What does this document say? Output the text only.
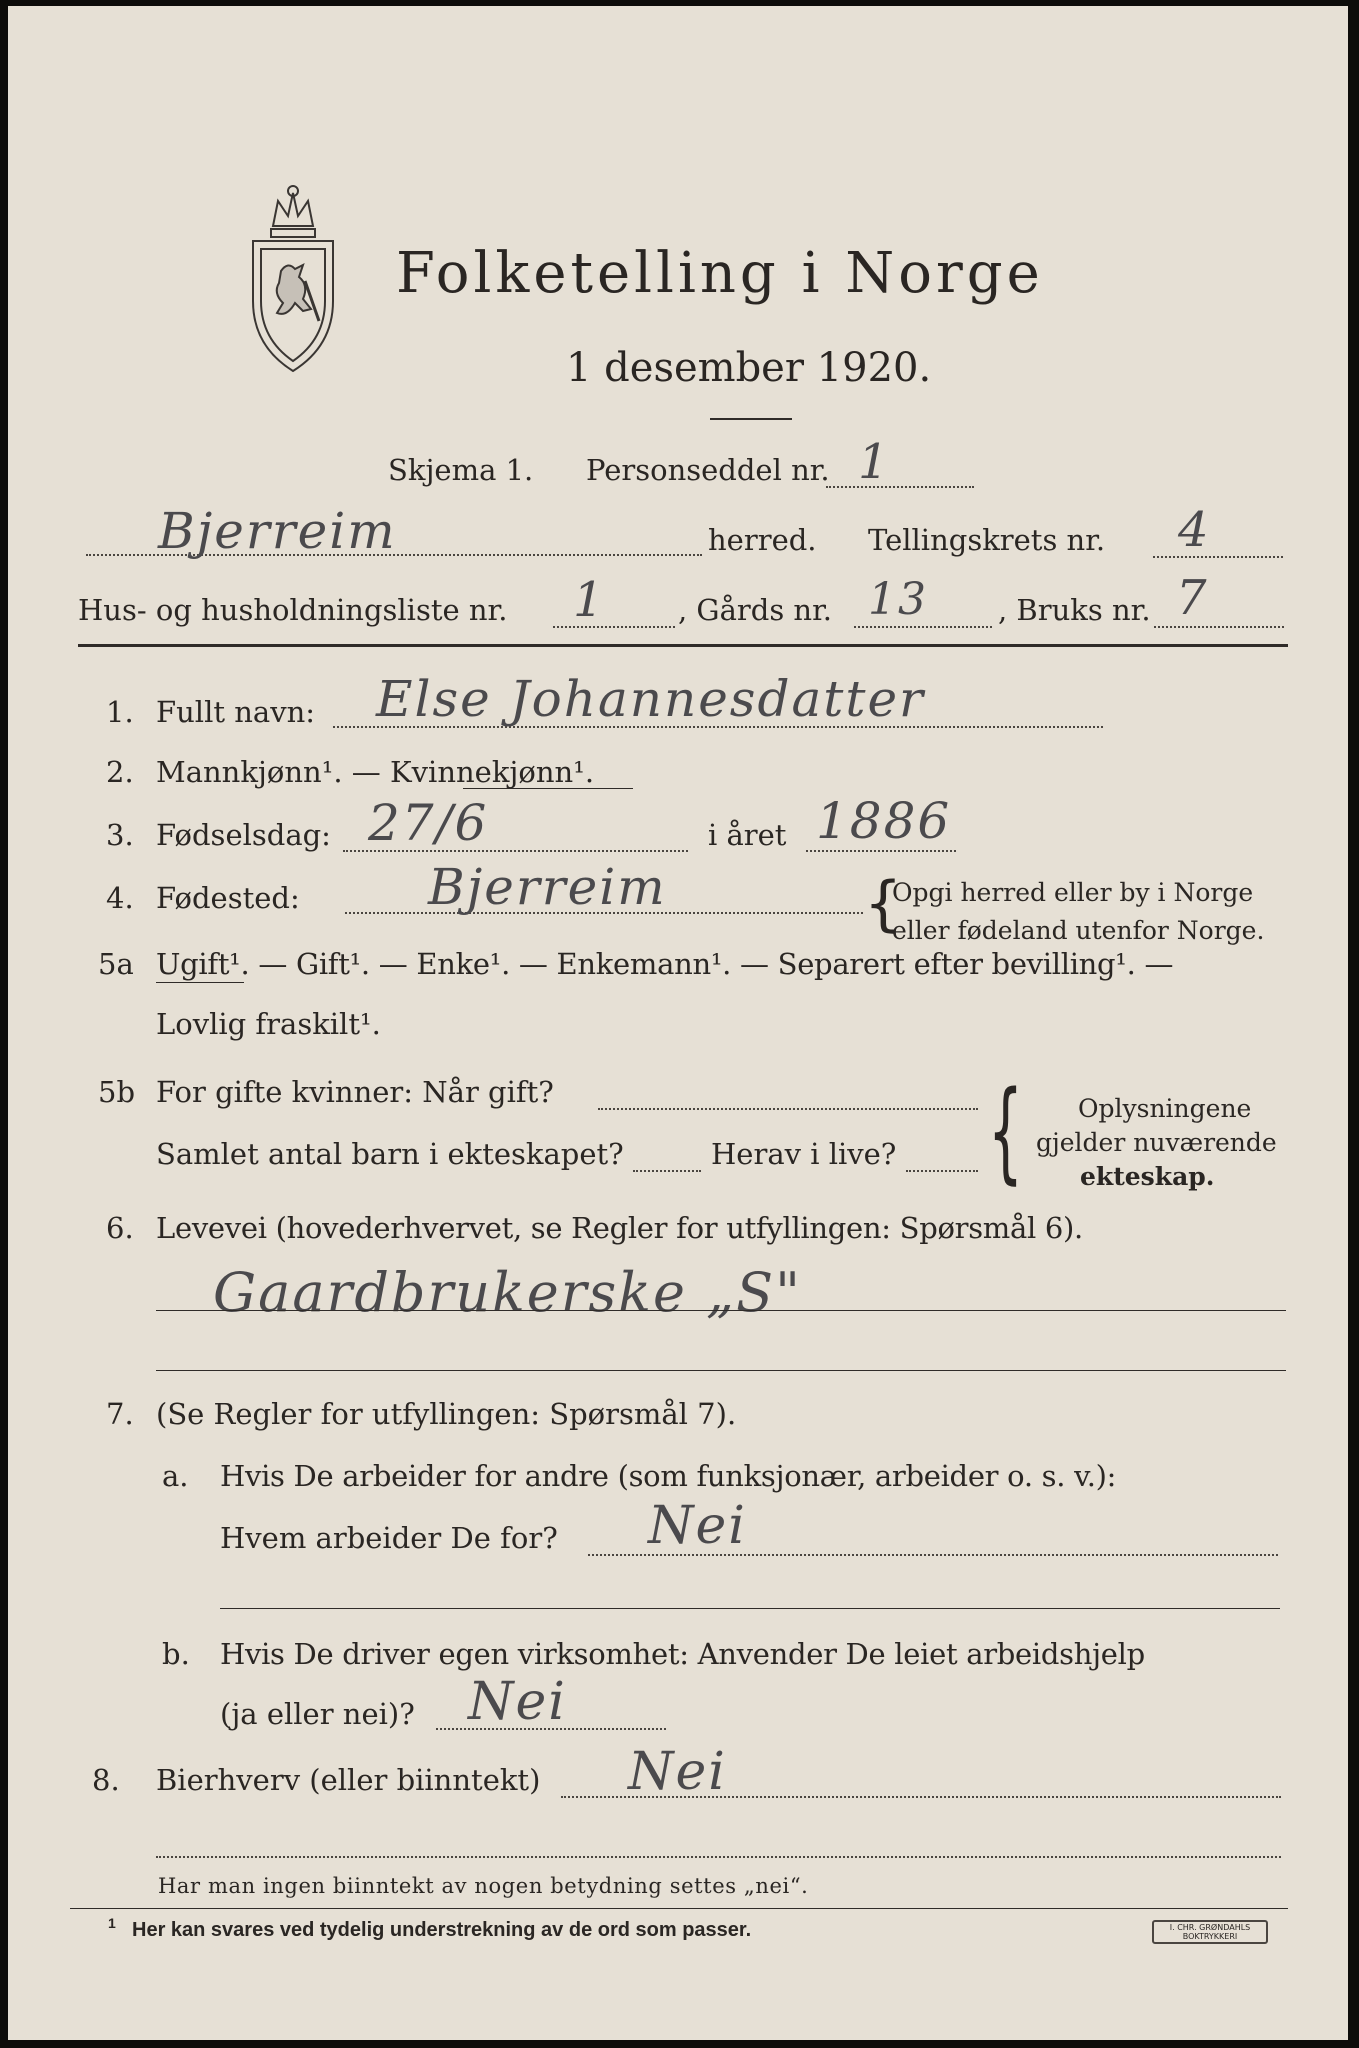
Folketelling i Norge
1 desember 1920.
Skjema 1. Personseddel nr. 1
Bjerreim	herred. Tellingskrets nr. 4
Hus- og husholdningsliste nr. 1 , Gårds nr. 13 , Bruks nr. 7
1. Fullt navn: Else Johannesdatter
2. Mannkjønn¹. — Kvinnekjønn¹.
3. Fødselsdag: 27/6	i året 1886
4. Fødested:	Bjerreim	{
Opgi herred eller by i Norge
eller fødeland utenfor Norge.
5a Ugift¹. — Gift¹. — Enke¹. — Enkemann¹. — Separert efter bevilling¹. —
Lovlig fraskilt¹.
5b For gifte kvinner: Når gift?
Samlet antal barn i ekteskapet?	Herav i live? { Oplysningene
gjelder nuværende
ekteskap.
6. Levevei (hovederhvervet, se Regler for utfyllingen: Spørsmål 6).
Gaardbrukerske „S"
7. (Se Regler for utfyllingen: Spørsmål 7).
a. Hvis De arbeider for andre (som funksjonær, arbeider o. s. v.):
Hvem arbeider De for? Nei
b. Hvis De driver egen virksomhet: Anvender De leiet arbeidshjelp
(ja eller nei)? Nei
8. Bierhverv (eller biinntekt) Nei
Har man ingen biinntekt av nogen betydning settes „nei“.
1 Her kan svares ved tydelig understrekning av de ord som passer.	I. CHR. GRØNDAHLS
BOKTRYKKERI
